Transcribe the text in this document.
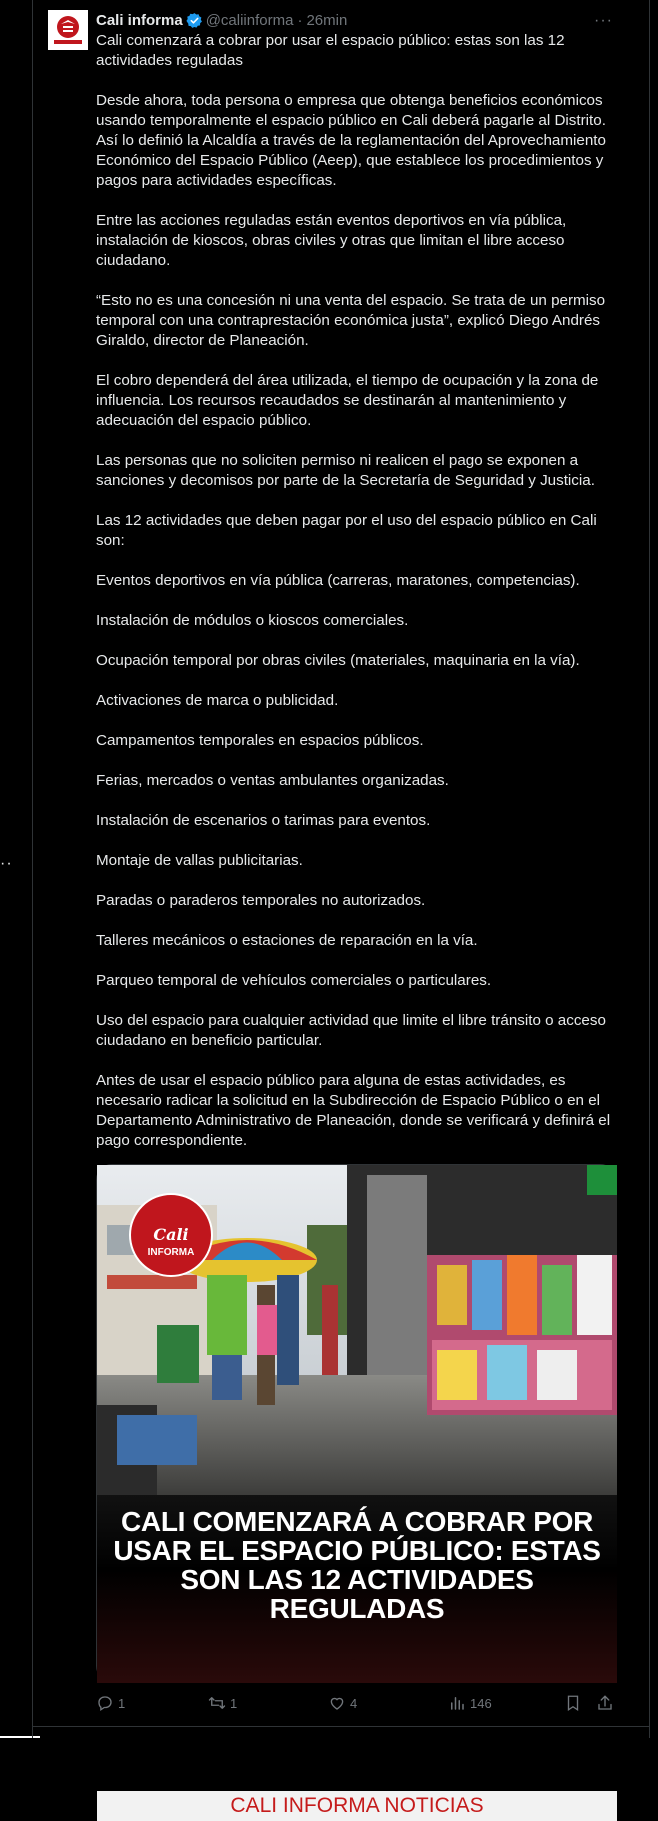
··
Cali informa @caliinforma · 26min

Cali comenzará a cobrar por usar el espacio público: estas son las 12 actividades reguladas

Desde ahora, toda persona o empresa que obtenga beneficios económicos usando temporalmente el espacio público en Cali deberá pagarle al Distrito. Así lo definió la Alcaldía a través de la reglamentación del Aprovechamiento Económico del Espacio Público (Aeep), que establece los procedimientos y pagos para actividades específicas.

Entre las acciones reguladas están eventos deportivos en vía pública, instalación de kioscos, obras civiles y otras que limitan el libre acceso ciudadano.

“Esto no es una concesión ni una venta del espacio. Se trata de un permiso temporal con una contraprestación económica justa”, explicó Diego Andrés Giraldo, director de Planeación.

El cobro dependerá del área utilizada, el tiempo de ocupación y la zona de influencia. Los recursos recaudados se destinarán al mantenimiento y adecuación del espacio público.

Las personas que no soliciten permiso ni realicen el pago se exponen a sanciones y decomisos por parte de la Secretaría de Seguridad y Justicia.

Las 12 actividades que deben pagar por el uso del espacio público en Cali son:

Eventos deportivos en vía pública (carreras, maratones, competencias).

Instalación de módulos o kioscos comerciales.

Ocupación temporal por obras civiles (materiales, maquinaria en la vía).

Activaciones de marca o publicidad.

Campamentos temporales en espacios públicos.

Ferias, mercados o ventas ambulantes organizadas.

Instalación de escenarios o tarimas para eventos.

Montaje de vallas publicitarias.

Paradas o paraderos temporales no autorizados.

Talleres mecánicos o estaciones de reparación en la vía.

Parqueo temporal de vehículos comerciales o particulares.

Uso del espacio para cualquier actividad que limite el libre tránsito o acceso ciudadano en beneficio particular.

Antes de usar el espacio público para alguna de estas actividades, es necesario radicar la solicitud en la Subdirección de Espacio Público o en el Departamento Administrativo de Planeación, donde se verificará y definirá el pago correspondiente.

···
Cali
INFORMA
CALI COMENZARÁ A COBRAR POR USAR EL ESPACIO PÚBLICO: ESTAS SON LAS 12 ACTIVIDADES REGULADAS
CALI INFORMA NOTICIAS
1	1	4	146
